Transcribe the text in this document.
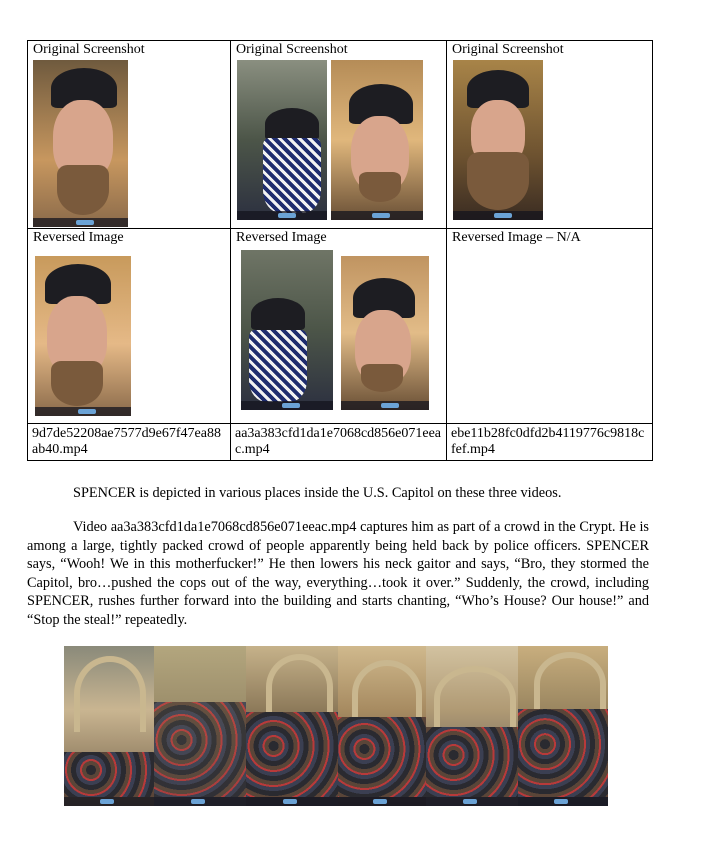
Original Screenshot	Original Screenshot	Original Screenshot

Reversed Image	Reversed Image	Reversed Image – N/A

9d7de52208ae7577d9e67f47ea88ab40.mp4	aa3a383cfd1da1e7068cd856e071eeac.mp4	ebe11b28fc0dfd2b4119776c9818cfef.mp4

SPENCER is depicted in various places inside the U.S. Capitol on these three videos.

Video aa3a383cfd1da1e7068cd856e071eeac.mp4 captures him as part of a crowd in the Crypt. He is among a large, tightly packed crowd of people apparently being held back by police officers. SPENCER says, “Wooh! We in this motherfucker!” He then lowers his neck gaitor and says, “Bro, they stormed the Capitol, bro…pushed the cops out of the way, everything…took it over.” Suddenly, the crowd, including SPENCER, rushes further forward into the building and starts chanting, “Who’s House? Our house!” and “Stop the steal!” repeatedly.
